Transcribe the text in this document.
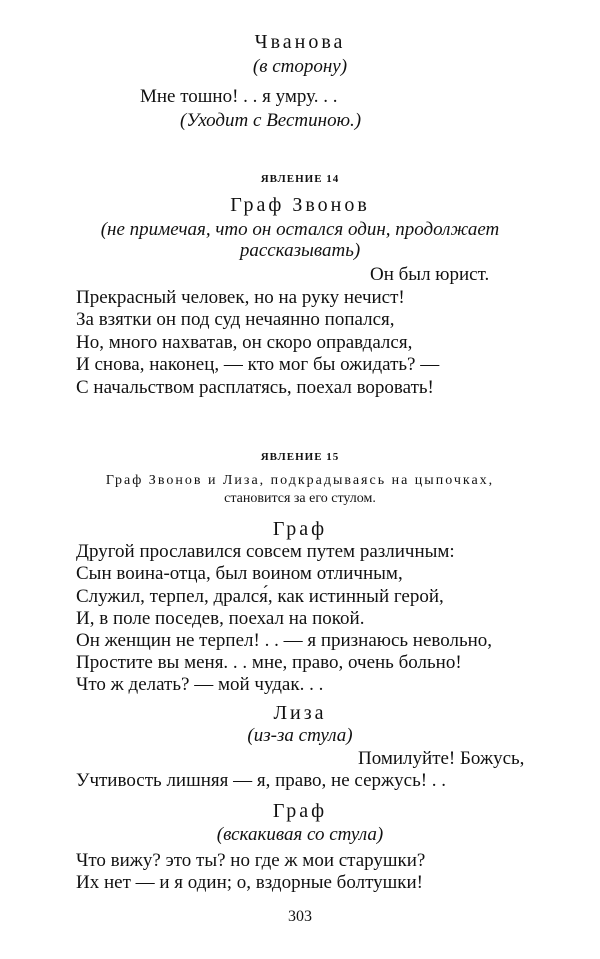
Чванова
(в сторону)
Мне тошно! . . я умру. . .
(Уходит с Вестиною.)
ЯВЛЕНИЕ 14
Граф Звонов
(не примечая, что он остался один, продолжает
рассказывать)
Он был юрист.
Прекрасный человек, но на руку нечист!
За взятки он под суд нечаянно попался,
Но, много нахватав, он скоро оправдался,
И снова, наконец, — кто мог бы ожидать? —
С начальством расплатясь, поехал воровать!
ЯВЛЕНИЕ 15
Граф Звонов и Лиза, подкрадываясь на цыпочках,
становится за его стулом.
Граф
Другой прославился совсем путем различным:
Сын воина-отца, был воином отличным,
Служил, терпел, дрался́, как истинный герой,
И, в поле поседев, поехал на покой.
Он женщин не терпел! . . — я признаюсь невольно,
Простите вы меня. . . мне, право, очень больно!
Что ж делать? — мой чудак. . .
Лиза
(из-за стула)
Помилуйте! Божусь,
Учтивость лишняя — я, право, не сержусь! . .
Граф
(вскакивая со стула)
Что вижу? это ты? но где ж мои старушки?
Их нет — и я один; о, вздорные болтушки!
303
